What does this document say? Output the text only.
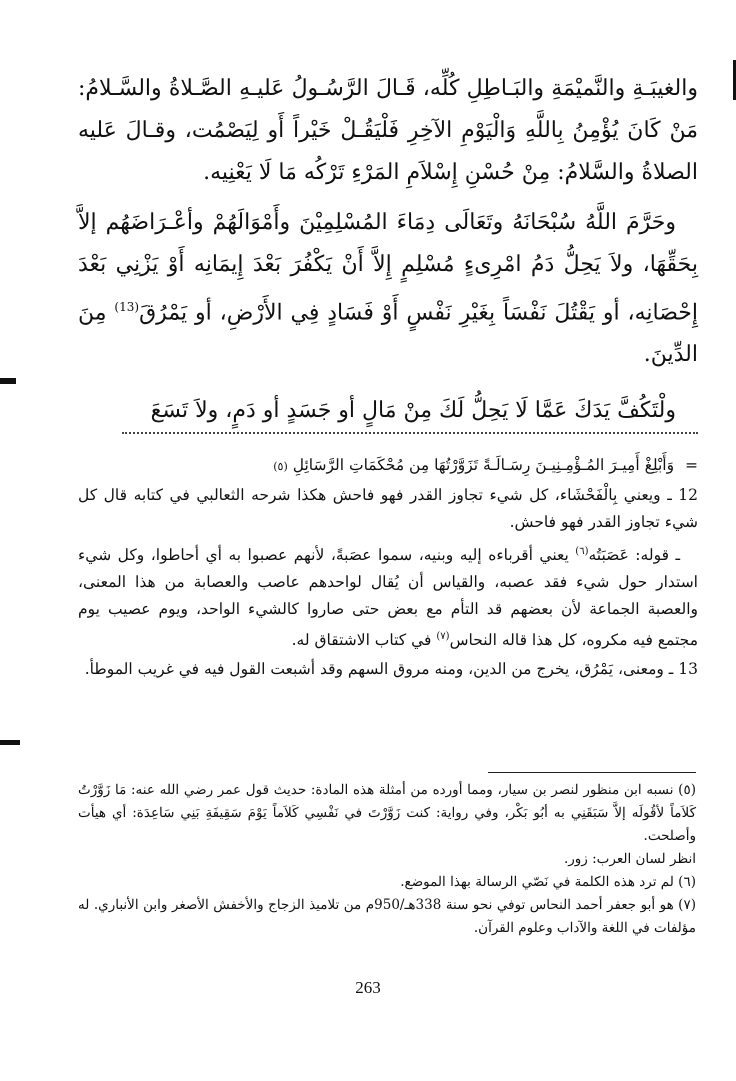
والغيبَـةِ والنَّميْمَةِ والبَـاطِلِ كُلِّه، قَـالَ الرَّسُـولُ عَليـهِ الصَّـلاةُ والسَّـلامُ: مَنْ كَانَ يُؤْمِنُ بِاللَّهِ وَالْيَوْمِ الآخِرِ فَلْيَقُـلْ خَيْراً أَو لِيَصْمُت، وقـالَ عَليه الصلاةُ والسَّلامُ: مِنْ حُسْنِ إِسْلاَمِ المَرْءِ تَرْكُه مَا لَا يَعْنِيه.

وحَرَّمَ اللَّهُ سُبْحَانَهُ وتَعَالَى دِمَاءَ المُسْلِمِيْنَ وأَمْوَالَهُمْ وأعْـرَاضَهُم إلاَّ بِحَقِّهَا، ولاَ يَحِلُّ دَمُ امْرِىءٍ مُسْلِمٍ إِلاَّ أَنْ يَكْفُرَ بَعْدَ إِيمَانِه أَوْ يَزْنِي بَعْدَ إِحْصَانِه، أو يَقْتُلَ نَفْسَاً بِغَيْرِ نَفْسٍ أَوْ فَسَادٍ فِي الأَرْضِ، أو يَمْرُقَ$^{(13)}$ مِنَ الدِّينَ.

ولْتَكُفَّ يَدَكَ عَمَّا لَا يَحِلُّ لَكَ مِنْ مَالٍ أو جَسَدٍ أو دَمٍ، ولاَ تَسَعَ

= وَأَبْلِغْ أَمِيـرَ المُـؤْمِـنِيـنَ رِسَـالَـةً تَزَوَّرْتُهَا مِن مُحْكَمَاتِ الرَّسَائِلِ (٥)

12 ـ ويعني بِالْفَحْشَاء، كل شيء تجاوز القدر فهو فاحش هكذا شرحه الثعالبي في كتابه قال كل شيء تجاوز القدر فهو فاحش.

ـ قوله: عَصَبَتُه$^{(٦)}$ يعني أقرباءه إليه وبنيه، سموا عصَبةً، لأنهم عصبوا به أي أحاطوا، وكل شيء استدار حول شيء فقد عصبه، والقياس أن يُقال لواحدهم عاصب والعصابة من هذا المعنى، والعصبة الجماعة لأن بعضهم قد التأم مع بعض حتى صاروا كالشيء الواحد، ويوم عصيب يوم مجتمع فيه مكروه، كل هذا قاله النحاس$^{(٧)}$ في كتاب الاشتقاق له.

13 ـ ومعنى، يَمْرُق، يخرج من الدين، ومنه مروق السهم وقد أشبعت القول فيه في غريب الموطأ.

(٥) نسبه ابن منظور لنصر بن سيار، ومما أورده من أمثلة هذه المادة: حديث قول عمر رضي الله عنه: مَا زَوَّرْتُ كَلاَماً لأقُولَه إلاَّ سَبَقَنِي به أبُو بَكْر، وفي رواية: كنت زَوَّرْتَ في نَفْسِي كَلاَماً يَوْمَ سَقِيفَةِ بَنِي سَاعِدَة: أي هيأت وأصلحت.

انظر لسان العرب: زور.

(٦) لم ترد هذه الكلمة في نَصّي الرسالة بهذا الموضع.

(٧) هو أبو جعفر أحمد النحاس توفي نحو سنة 338هـ/950م من تلاميذ الزجاج والأخفش الأصغر وابن الأنباري. له مؤلفات في اللغة والآداب وعلوم القرآن.

263
